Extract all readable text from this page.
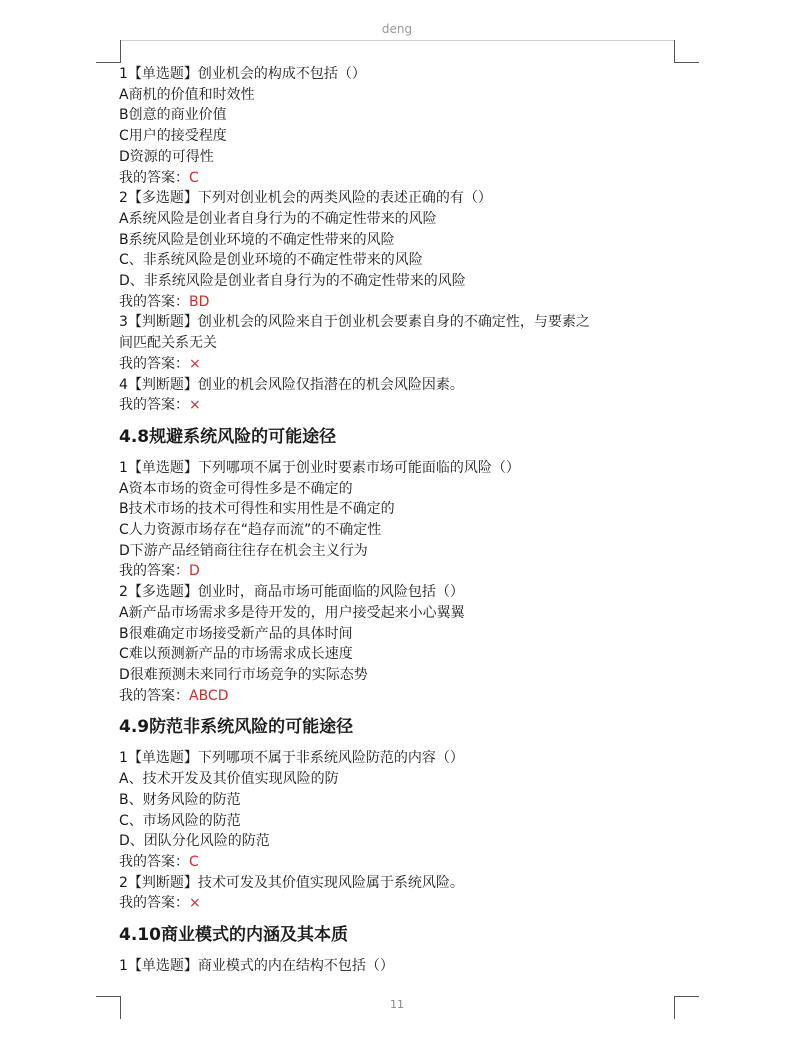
deng
1【单选题】创业机会的构成不包括（）
A商机的价值和时效性
B创意的商业价值
C用户的接受程度
D资源的可得性
我的答案：C
2【多选题】下列对创业机会的两类风险的表述正确的有（）
A系统风险是创业者自身行为的不确定性带来的风险
B系统风险是创业环境的不确定性带来的风险
C、非系统风险是创业环境的不确定性带来的风险
D、非系统风险是创业者自身行为的不确定性带来的风险
我的答案：BD
3【判断题】创业机会的风险来自于创业机会要素自身的不确定性，与要素之
间匹配关系无关
我的答案：×
4【判断题】创业的机会风险仅指潜在的机会风险因素。
我的答案：×
4.8规避系统风险的可能途径
1【单选题】下列哪项不属于创业时要素市场可能面临的风险（）
A资本市场的资金可得性多是不确定的
B技术市场的技术可得性和实用性是不确定的
C人力资源市场存在“趋存而流”的不确定性
D下游产品经销商往往存在机会主义行为
我的答案：D
2【多选题】创业时，商品市场可能面临的风险包括（）
A新产品市场需求多是待开发的，用户接受起来小心翼翼
B很难确定市场接受新产品的具体时间
C难以预测新产品的市场需求成长速度
D很难预测未来同行市场竞争的实际态势
我的答案：ABCD
4.9防范非系统风险的可能途径
1【单选题】下列哪项不属于非系统风险防范的内容（）
A、技术开发及其价值实现风险的防
B、财务风险的防范
C、市场风险的防范
D、团队分化风险的防范
我的答案：C
2【判断题】技术可发及其价值实现风险属于系统风险。
我的答案：×
4.10商业模式的内涵及其本质
1【单选题】商业模式的内在结构不包括（）
11
